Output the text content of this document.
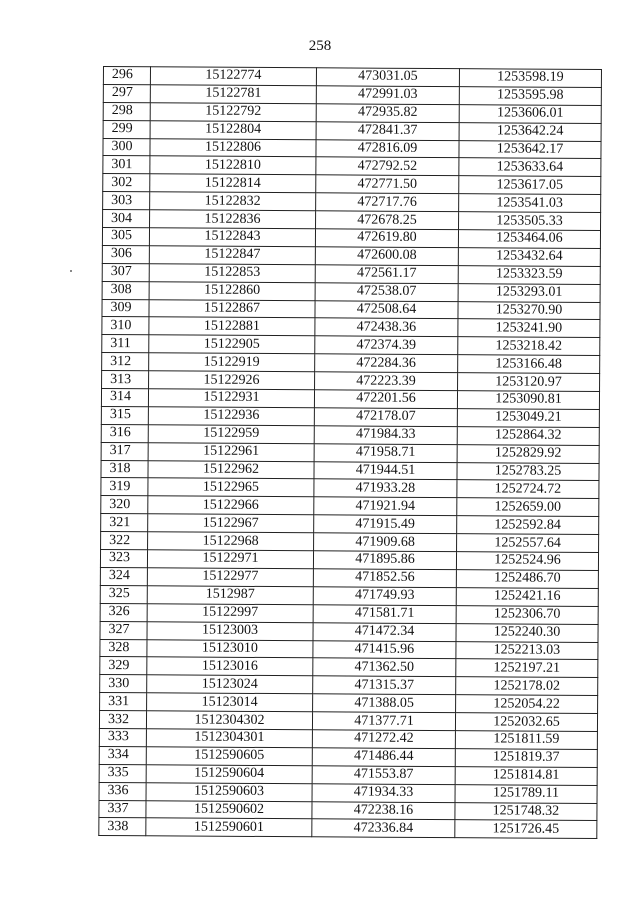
258
296	15122774	473031.05	1253598.19
297	15122781	472991.03	1253595.98
298	15122792	472935.82	1253606.01
299	15122804	472841.37	1253642.24
300	15122806	472816.09	1253642.17
301	15122810	472792.52	1253633.64
302	15122814	472771.50	1253617.05
303	15122832	472717.76	1253541.03
304	15122836	472678.25	1253505.33
305	15122843	472619.80	1253464.06
306	15122847	472600.08	1253432.64
307	15122853	472561.17	1253323.59
308	15122860	472538.07	1253293.01
309	15122867	472508.64	1253270.90
310	15122881	472438.36	1253241.90
311	15122905	472374.39	1253218.42
312	15122919	472284.36	1253166.48
313	15122926	472223.39	1253120.97
314	15122931	472201.56	1253090.81
315	15122936	472178.07	1253049.21
316	15122959	471984.33	1252864.32
317	15122961	471958.71	1252829.92
318	15122962	471944.51	1252783.25
319	15122965	471933.28	1252724.72
320	15122966	471921.94	1252659.00
321	15122967	471915.49	1252592.84
322	15122968	471909.68	1252557.64
323	15122971	471895.86	1252524.96
324	15122977	471852.56	1252486.70
325	1512987	471749.93	1252421.16
326	15122997	471581.71	1252306.70
327	15123003	471472.34	1252240.30
328	15123010	471415.96	1252213.03
329	15123016	471362.50	1252197.21
330	15123024	471315.37	1252178.02
331	15123014	471388.05	1252054.22
332	1512304302	471377.71	1252032.65
333	1512304301	471272.42	1251811.59
334	1512590605	471486.44	1251819.37
335	1512590604	471553.87	1251814.81
336	1512590603	471934.33	1251789.11
337	1512590602	472238.16	1251748.32
338	1512590601	472336.84	1251726.45
